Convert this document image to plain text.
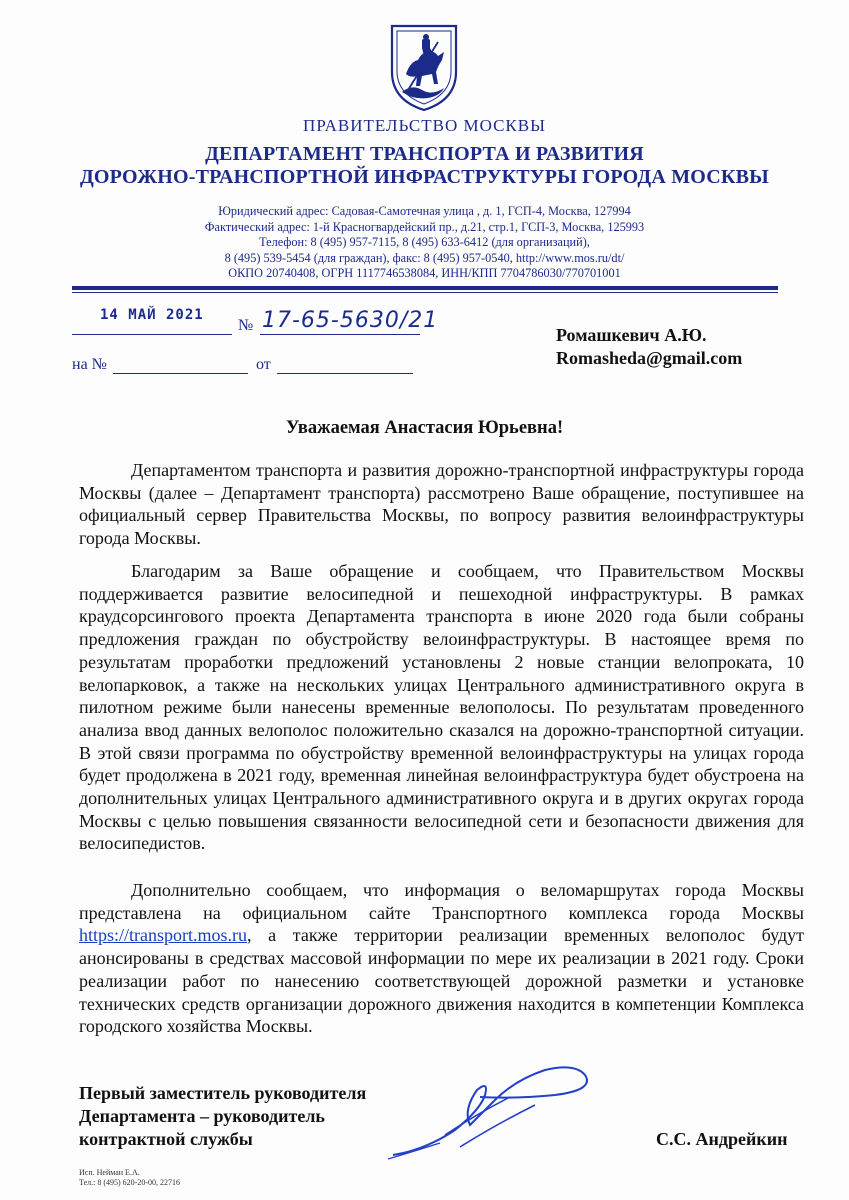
ПРАВИТЕЛЬСТВО МОСКВЫ
ДЕПАРТАМЕНТ ТРАНСПОРТА И РАЗВИТИЯ
ДОРОЖНО-ТРАНСПОРТНОЙ ИНФРАСТРУКТУРЫ ГОРОДА МОСКВЫ
Юридический адрес: Садовая-Самотечная улица , д. 1, ГСП-4, Москва, 127994
Фактический адрес: 1-й Красногвардейский пр., д.21, стр.1, ГСП-3, Москва, 125993
Телефон: 8 (495) 957-7115, 8 (495) 633-6412 (для организаций),
8 (495) 539-5454 (для граждан), факс: 8 (495) 957-0540, http://www.mos.ru/dt/
ОКПО 20740408, ОГРН 1117746538084, ИНН/КПП 7704786030/770701001
14 МАЙ 2021
№ 17-65-5630/21
на №	от
Ромашкевич А.Ю.
Romasheda@gmail.com
Уважаемая Анастасия Юрьевна!

Департаментом транспорта и развития дорожно-транспортной инфраструктуры города Москвы (далее – Департамент транспорта) рассмотрено Ваше обращение, поступившее на официальный сервер Правительства Москвы, по вопросу развития велоинфраструктуры города Москвы.

Благодарим за Ваше обращение и сообщаем, что Правительством Москвы поддерживается развитие велосипедной и пешеходной инфраструктуры. В рамках краудсорсингового проекта Департамента транспорта в июне 2020 года были собраны предложения граждан по обустройству велоинфраструктуры. В настоящее время по результатам проработки предложений установлены 2 новые станции велопроката, 10 велопарковок, а также на нескольких улицах Центрального административного округа в пилотном режиме были нанесены временные велополосы. По результатам проведенного анализа ввод данных велополос положительно сказался на дорожно-транспортной ситуации. В этой связи программа по обустройству временной велоинфраструктуры на улицах города будет продолжена в 2021 году, временная линейная велоинфраструктура будет обустроена на дополнительных улицах Центрального административного округа и в других округах города Москвы с целью повышения связанности велосипедной сети и безопасности движения для велосипедистов.

Дополнительно сообщаем, что информация о веломаршрутах города Москвы представлена на официальном сайте Транспортного комплекса города Москвы https://transport.mos.ru, а также территории реализации временных велополос будут анонсированы в средствах массовой информации по мере их реализации в 2021 году. Сроки реализации работ по нанесению соответствующей дорожной разметки и установке технических средств организации дорожного движения находится в компетенции Комплекса городского хозяйства Москвы.

Первый заместитель руководителя
Департамента – руководитель
контрактной службы	С.С. Андрейкин
Исп. Нейман Е.А.
Тел.: 8 (495) 620-20-00, 22716
